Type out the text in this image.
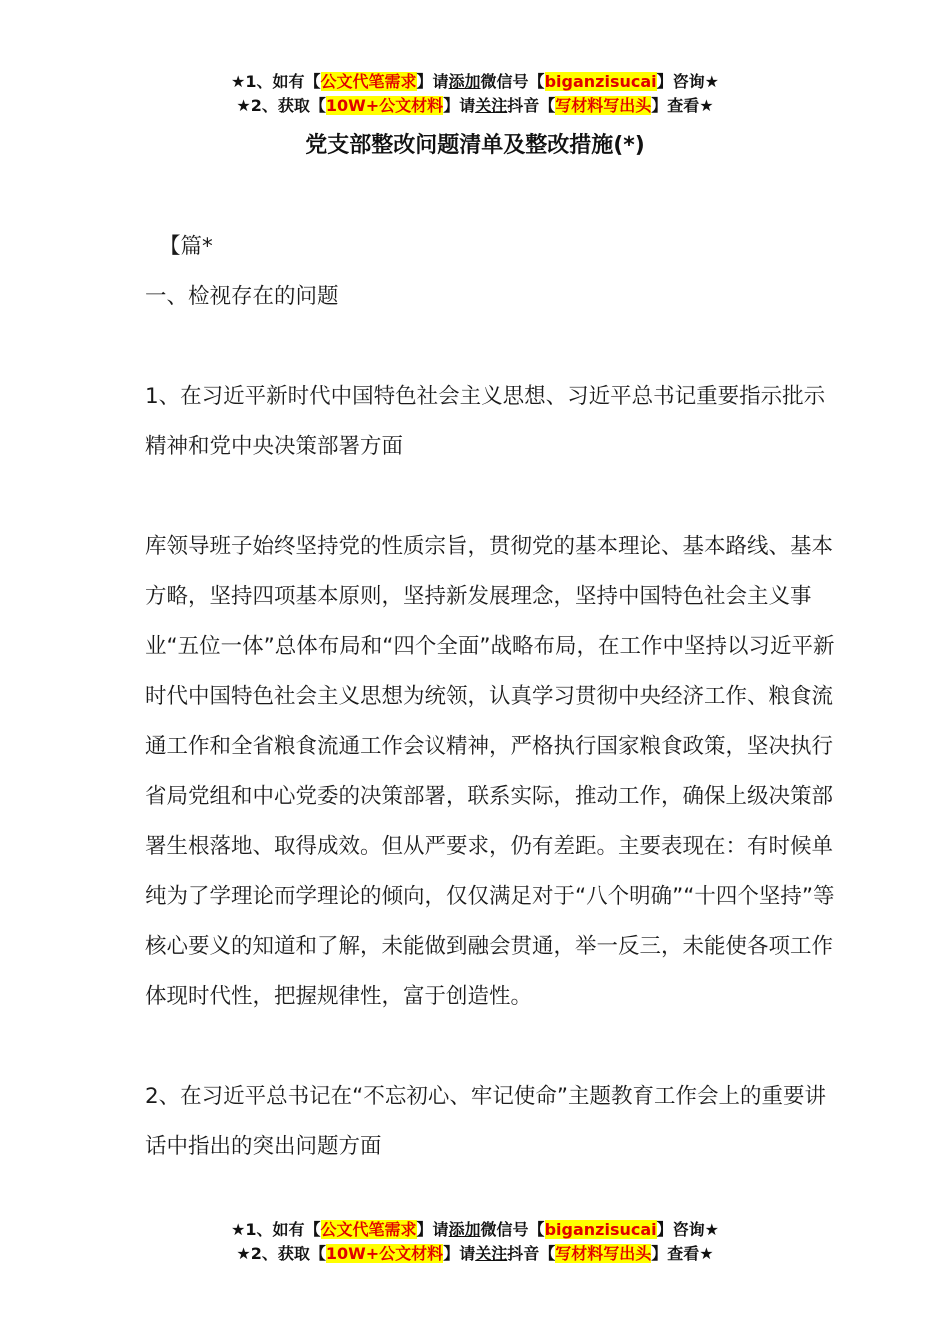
★1、如有【公文代笔需求】请添加微信号【biganzisucai】咨询★
★2、获取【10W+公文材料】请关注抖音【写材料写出头】查看★
党支部整改问题清单及整改措施(*)

【篇*

一、检视存在的问题

1、在习近平新时代中国特色社会主义思想、习近平总书记重要指示批示精神和党中央决策部署方面

库领导班子始终坚持党的性质宗旨，贯彻党的基本理论、基本路线、基本方略，坚持四项基本原则，坚持新发展理念，坚持中国特色社会主义事业“五位一体”总体布局和“四个全面”战略布局，在工作中坚持以习近平新时代中国特色社会主义思想为统领，认真学习贯彻中央经济工作、粮食流通工作和全省粮食流通工作会议精神，严格执行国家粮食政策，坚决执行省局党组和中心党委的决策部署，联系实际，推动工作，确保上级决策部署生根落地、取得成效。但从严要求，仍有差距。主要表现在：有时候单纯为了学理论而学理论的倾向，仅仅满足对于“八个明确”“十四个坚持”等核心要义的知道和了解，未能做到融会贯通，举一反三，未能使各项工作体现时代性，把握规律性，富于创造性。

2、在习近平总书记在“不忘初心、牢记使命”主题教育工作会上的重要讲话中指出的突出问题方面

★1、如有【公文代笔需求】请添加微信号【biganzisucai】咨询★
★2、获取【10W+公文材料】请关注抖音【写材料写出头】查看★
